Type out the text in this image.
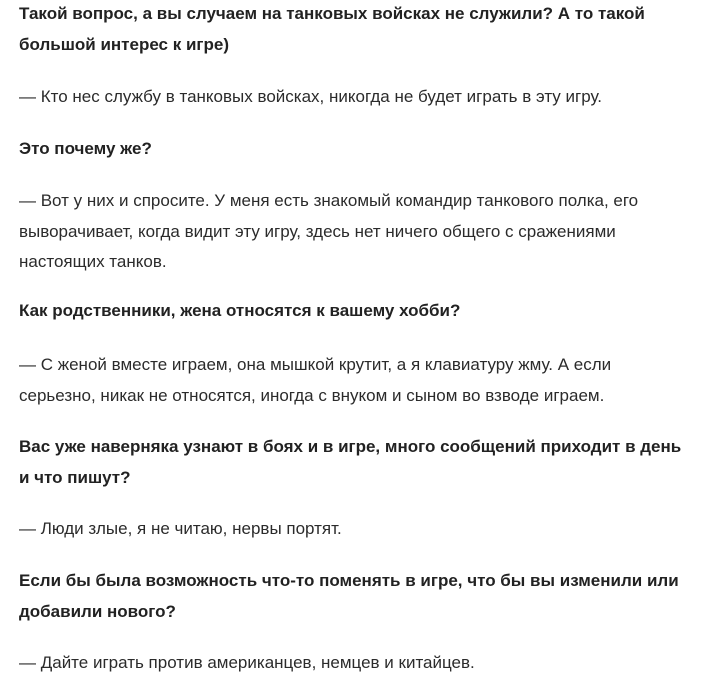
Такой вопрос, а вы случаем на танковых войсках не служили? А то такой
большой интерес к игре)
— Кто нес службу в танковых войсках, никогда не будет играть в эту игру.
Это почему же?
— Вот у них и спросите. У меня есть знакомый командир танкового полка, его
выворачивает, когда видит эту игру, здесь нет ничего общего с сражениями
настоящих танков.
Как родственники, жена относятся к вашему хобби?
— С женой вместе играем, она мышкой крутит, а я клавиатуру жму. А если
серьезно, никак не относятся, иногда с внуком и сыном во взводе играем.
Вас уже наверняка узнают в боях и в игре, много сообщений приходит в день
и что пишут?
— Люди злые, я не читаю, нервы портят.
Если бы была возможность что-то поменять в игре, что бы вы изменили или
добавили нового?
— Дайте играть против американцев, немцев и китайцев.
